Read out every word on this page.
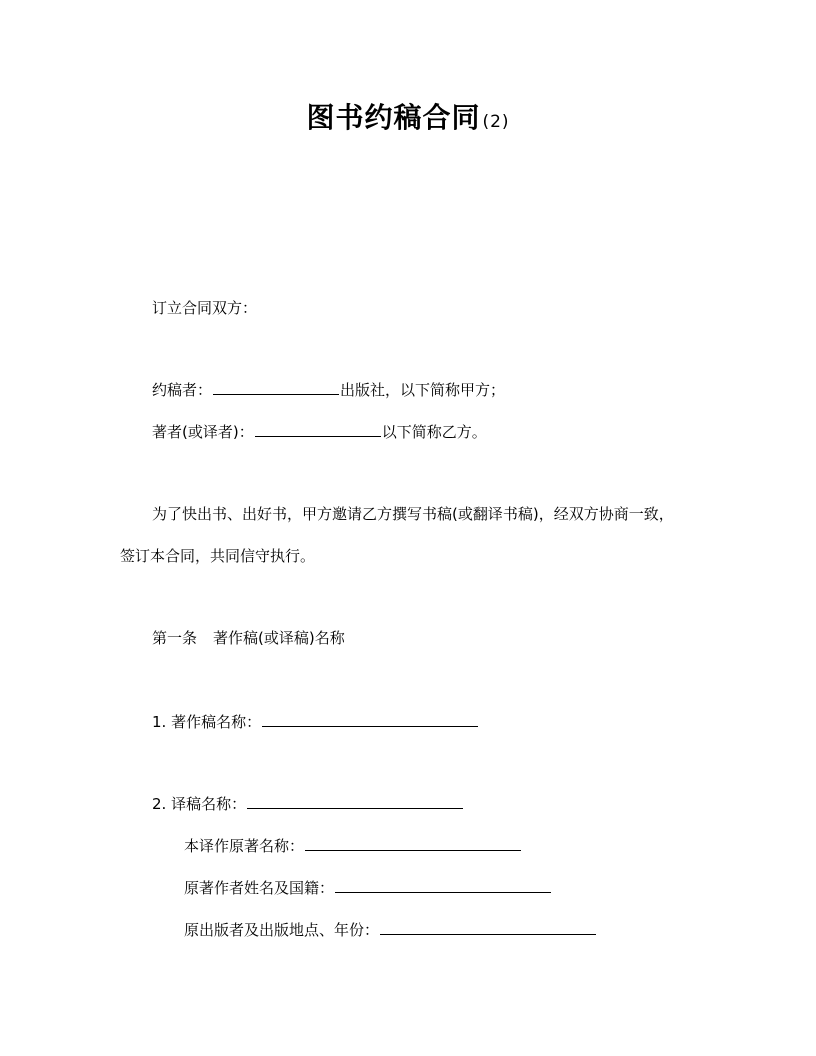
图书约稿合同 (2)
订立合同双方：
约稿者：	出版社，以下简称甲方；
著者(或译者)：	以下简称乙方。
为了快出书、出好书，甲方邀请乙方撰写书稿(或翻译书稿)，经双方协商一致，
签订本合同，共同信守执行。
第一条 著作稿(或译稿)名称
1. 著作稿名称：
2. 译稿名称：
本译作原著名称：
原著作者姓名及国籍：
原出版者及出版地点、年份：
